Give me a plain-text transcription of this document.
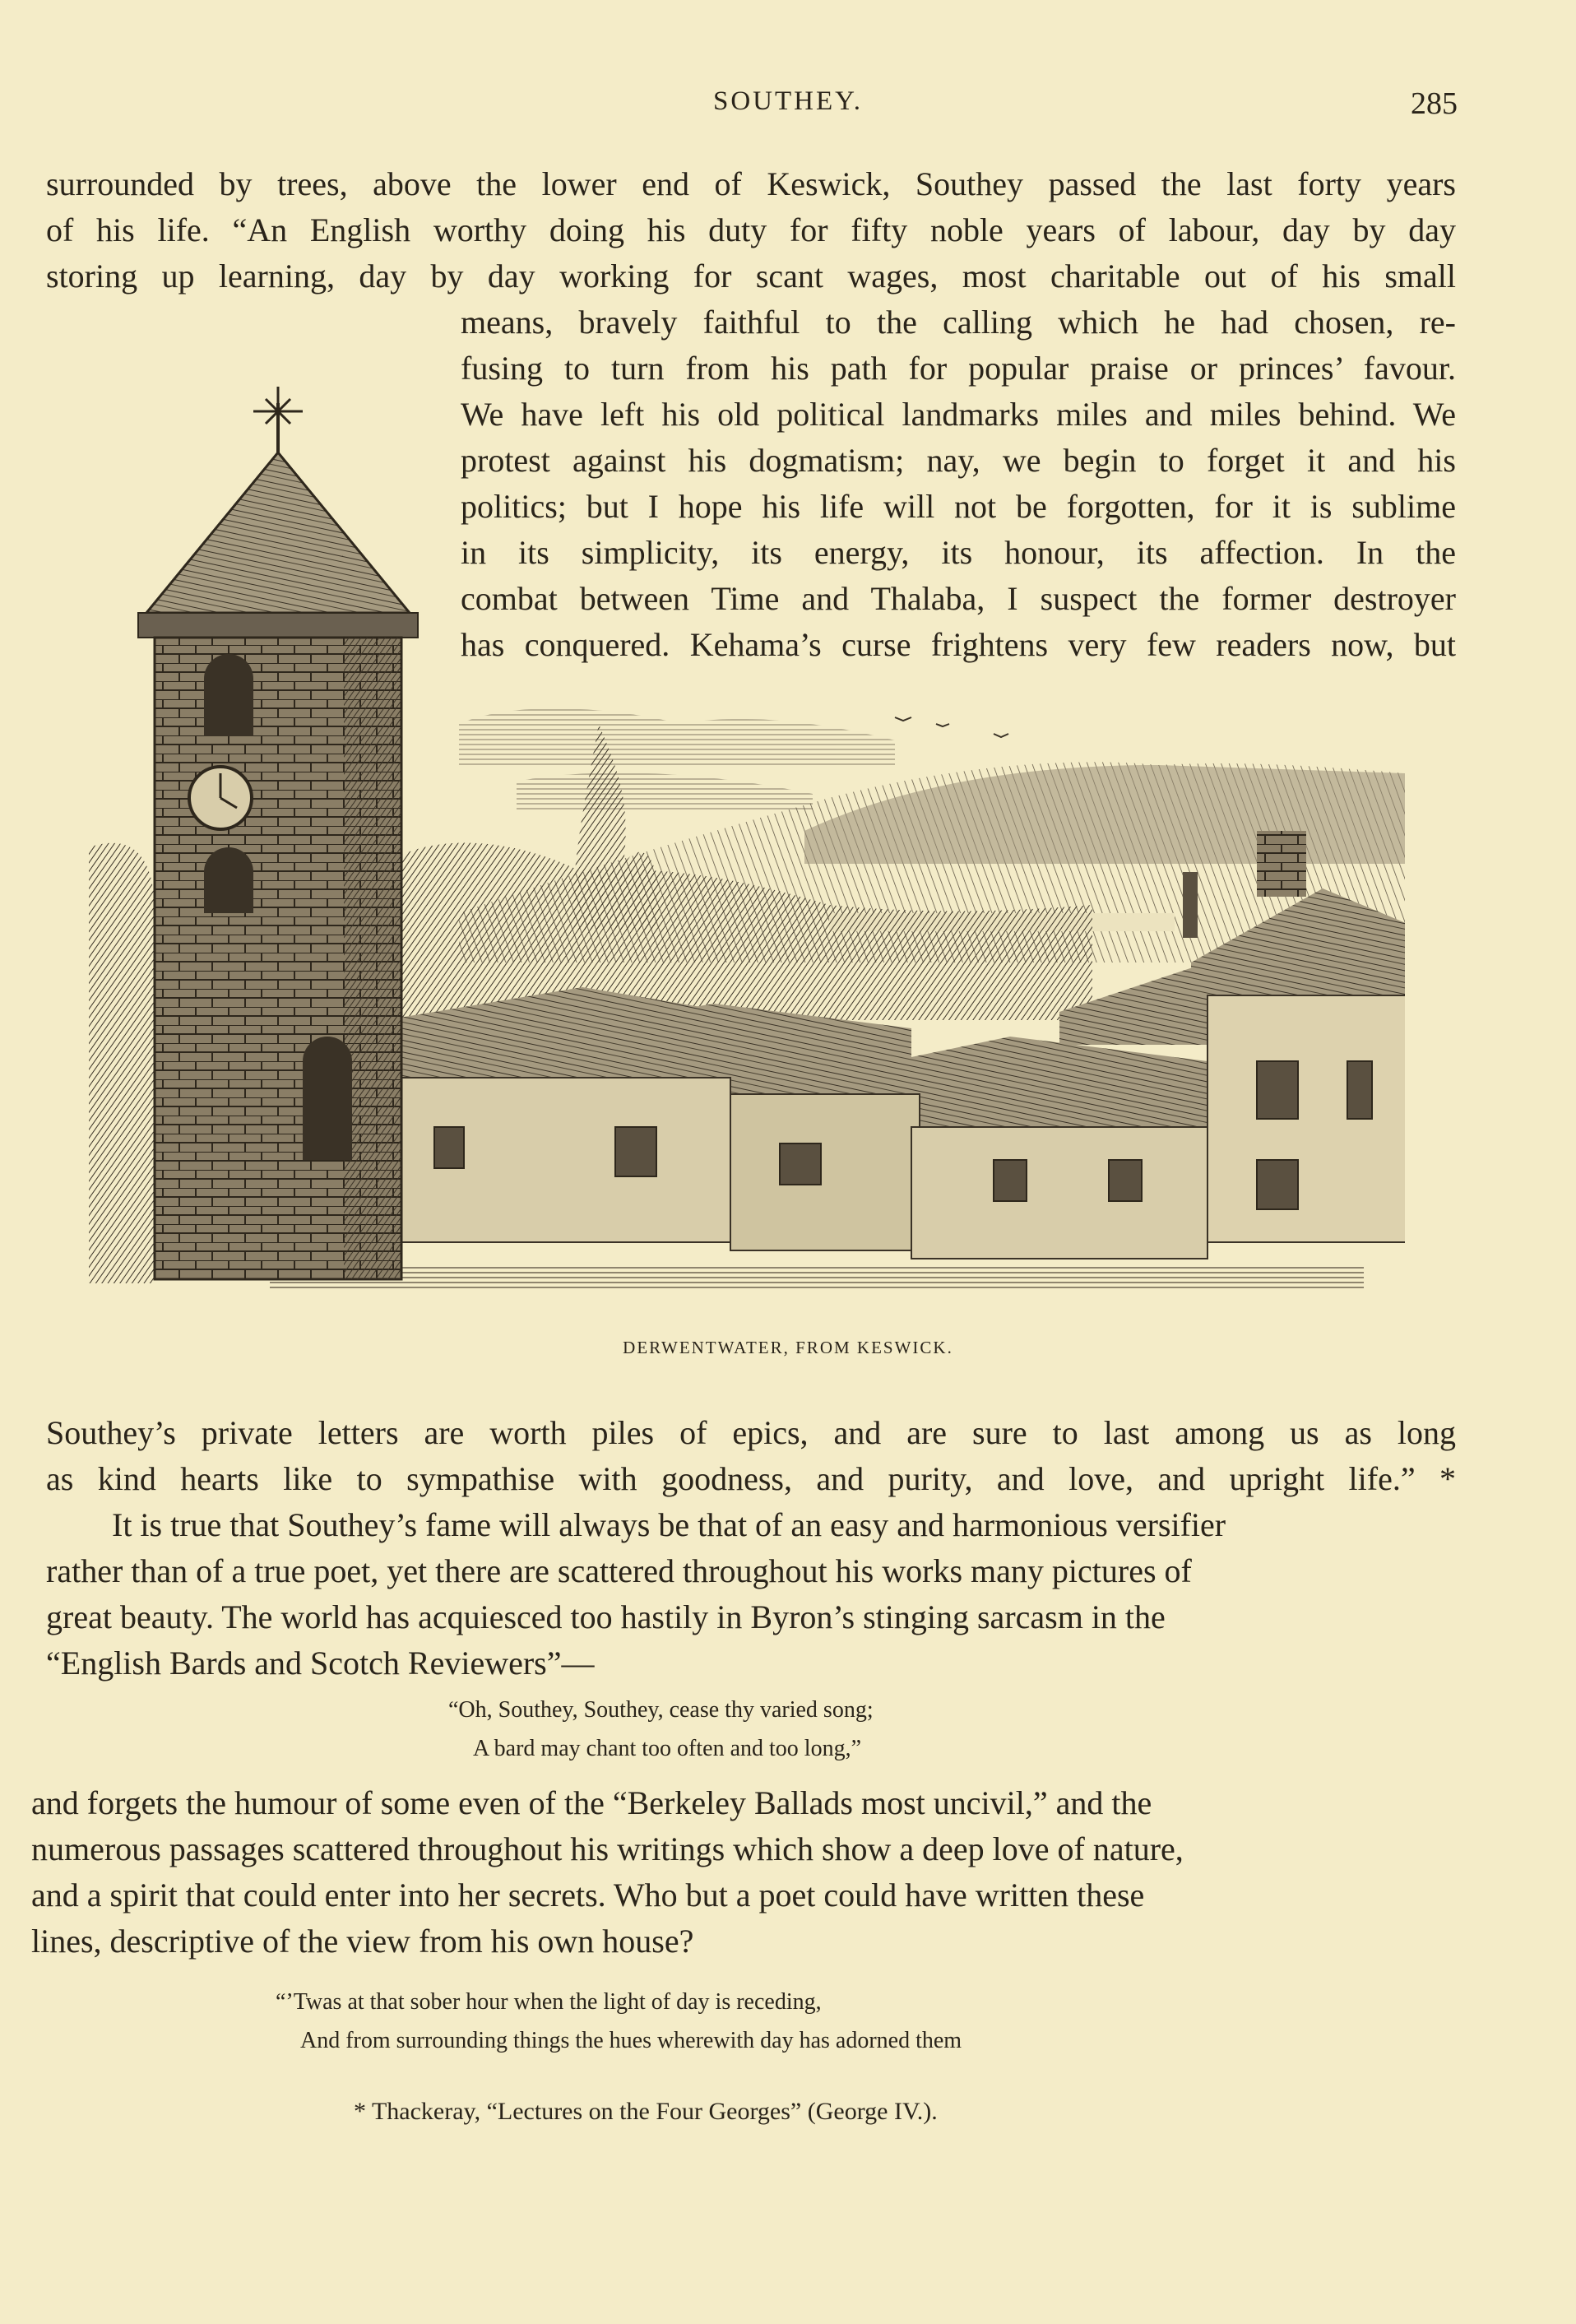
SOUTHEY.	285
surrounded by trees, above the lower end of Keswick, Southey passed the last forty years
of his life. “An English worthy doing his duty for fifty noble years of labour, day by day
storing up learning, day by day working for scant wages, most charitable out of his small
means, bravely faithful to the calling which he had chosen, re-
fusing to turn from his path for popular praise or princes’ favour.
We have left his old political landmarks miles and miles behind. We
protest against his dogmatism; nay, we begin to forget it and his
politics; but I hope his life will not be forgotten, for it is sublime
in its simplicity, its energy, its honour, its affection. In the
combat between Time and Thalaba, I suspect the former destroyer
has conquered. Kehama’s curse frightens very few readers now, but
DERWENTWATER, FROM KESWICK.
Southey’s private letters are worth piles of epics, and are sure to last among us as long
as kind hearts like to sympathise with goodness, and purity, and love, and upright life.” *
It is true that Southey’s fame will always be that of an easy and harmonious versifier
rather than of a true poet, yet there are scattered throughout his works many pictures of
great beauty. The world has acquiesced too hastily in Byron’s stinging sarcasm in the
“English Bards and Scotch Reviewers”—
“Oh, Southey, Southey, cease thy varied song;
A bard may chant too often and too long,”
and forgets the humour of some even of the “Berkeley Ballads most uncivil,” and the
numerous passages scattered throughout his writings which show a deep love of nature,
and a spirit that could enter into her secrets. Who but a poet could have written these
lines, descriptive of the view from his own house?
“’Twas at that sober hour when the light of day is receding,
And from surrounding things the hues wherewith day has adorned them
* Thackeray, “Lectures on the Four Georges” (George IV.).
